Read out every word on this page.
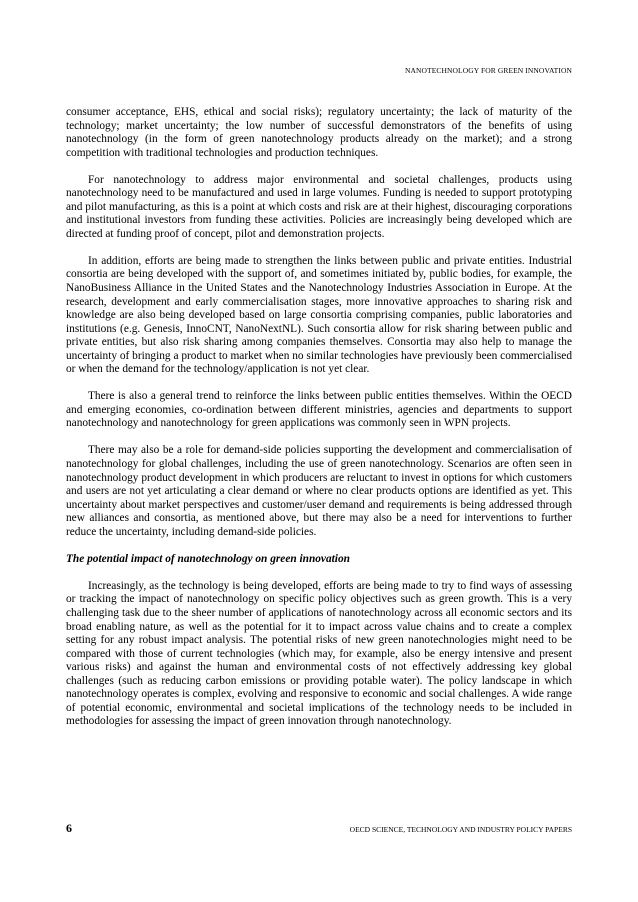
NANOTECHNOLOGY FOR GREEN INNOVATION

consumer acceptance, EHS, ethical and social risks); regulatory uncertainty; the lack of maturity of the technology; market uncertainty; the low number of successful demonstrators of the benefits of using nanotechnology (in the form of green nanotechnology products already on the market); and a strong competition with traditional technologies and production techniques.

For nanotechnology to address major environmental and societal challenges, products using nanotechnology need to be manufactured and used in large volumes. Funding is needed to support prototyping and pilot manufacturing, as this is a point at which costs and risk are at their highest, discouraging corporations and institutional investors from funding these activities. Policies are increasingly being developed which are directed at funding proof of concept, pilot and demonstration projects.

In addition, efforts are being made to strengthen the links between public and private entities. Industrial consortia are being developed with the support of, and sometimes initiated by, public bodies, for example, the NanoBusiness Alliance in the United States and the Nanotechnology Industries Association in Europe. At the research, development and early commercialisation stages, more innovative approaches to sharing risk and knowledge are also being developed based on large consortia comprising companies, public laboratories and institutions (e.g. Genesis, InnoCNT, NanoNextNL). Such consortia allow for risk sharing between public and private entities, but also risk sharing among companies themselves. Consortia may also help to manage the uncertainty of bringing a product to market when no similar technologies have previously been commercialised or when the demand for the technology/application is not yet clear.

There is also a general trend to reinforce the links between public entities themselves. Within the OECD and emerging economies, co-ordination between different ministries, agencies and departments to support nanotechnology and nanotechnology for green applications was commonly seen in WPN projects.

There may also be a role for demand-side policies supporting the development and commercialisation of nanotechnology for global challenges, including the use of green nanotechnology. Scenarios are often seen in nanotechnology product development in which producers are reluctant to invest in options for which customers and users are not yet articulating a clear demand or where no clear products options are identified as yet. This uncertainty about market perspectives and customer/user demand and requirements is being addressed through new alliances and consortia, as mentioned above, but there may also be a need for interventions to further reduce the uncertainty, including demand-side policies.

The potential impact of nanotechnology on green innovation

Increasingly, as the technology is being developed, efforts are being made to try to find ways of assessing or tracking the impact of nanotechnology on specific policy objectives such as green growth. This is a very challenging task due to the sheer number of applications of nanotechnology across all economic sectors and its broad enabling nature, as well as the potential for it to impact across value chains and to create a complex setting for any robust impact analysis. The potential risks of new green nanotechnologies might need to be compared with those of current technologies (which may, for example, also be energy intensive and present various risks) and against the human and environmental costs of not effectively addressing key global challenges (such as reducing carbon emissions or providing potable water). The policy landscape in which nanotechnology operates is complex, evolving and responsive to economic and social challenges. A wide range of potential economic, environmental and societal implications of the technology needs to be included in methodologies for assessing the impact of green innovation through nanotechnology.

6	OECD SCIENCE, TECHNOLOGY AND INDUSTRY POLICY PAPERS
